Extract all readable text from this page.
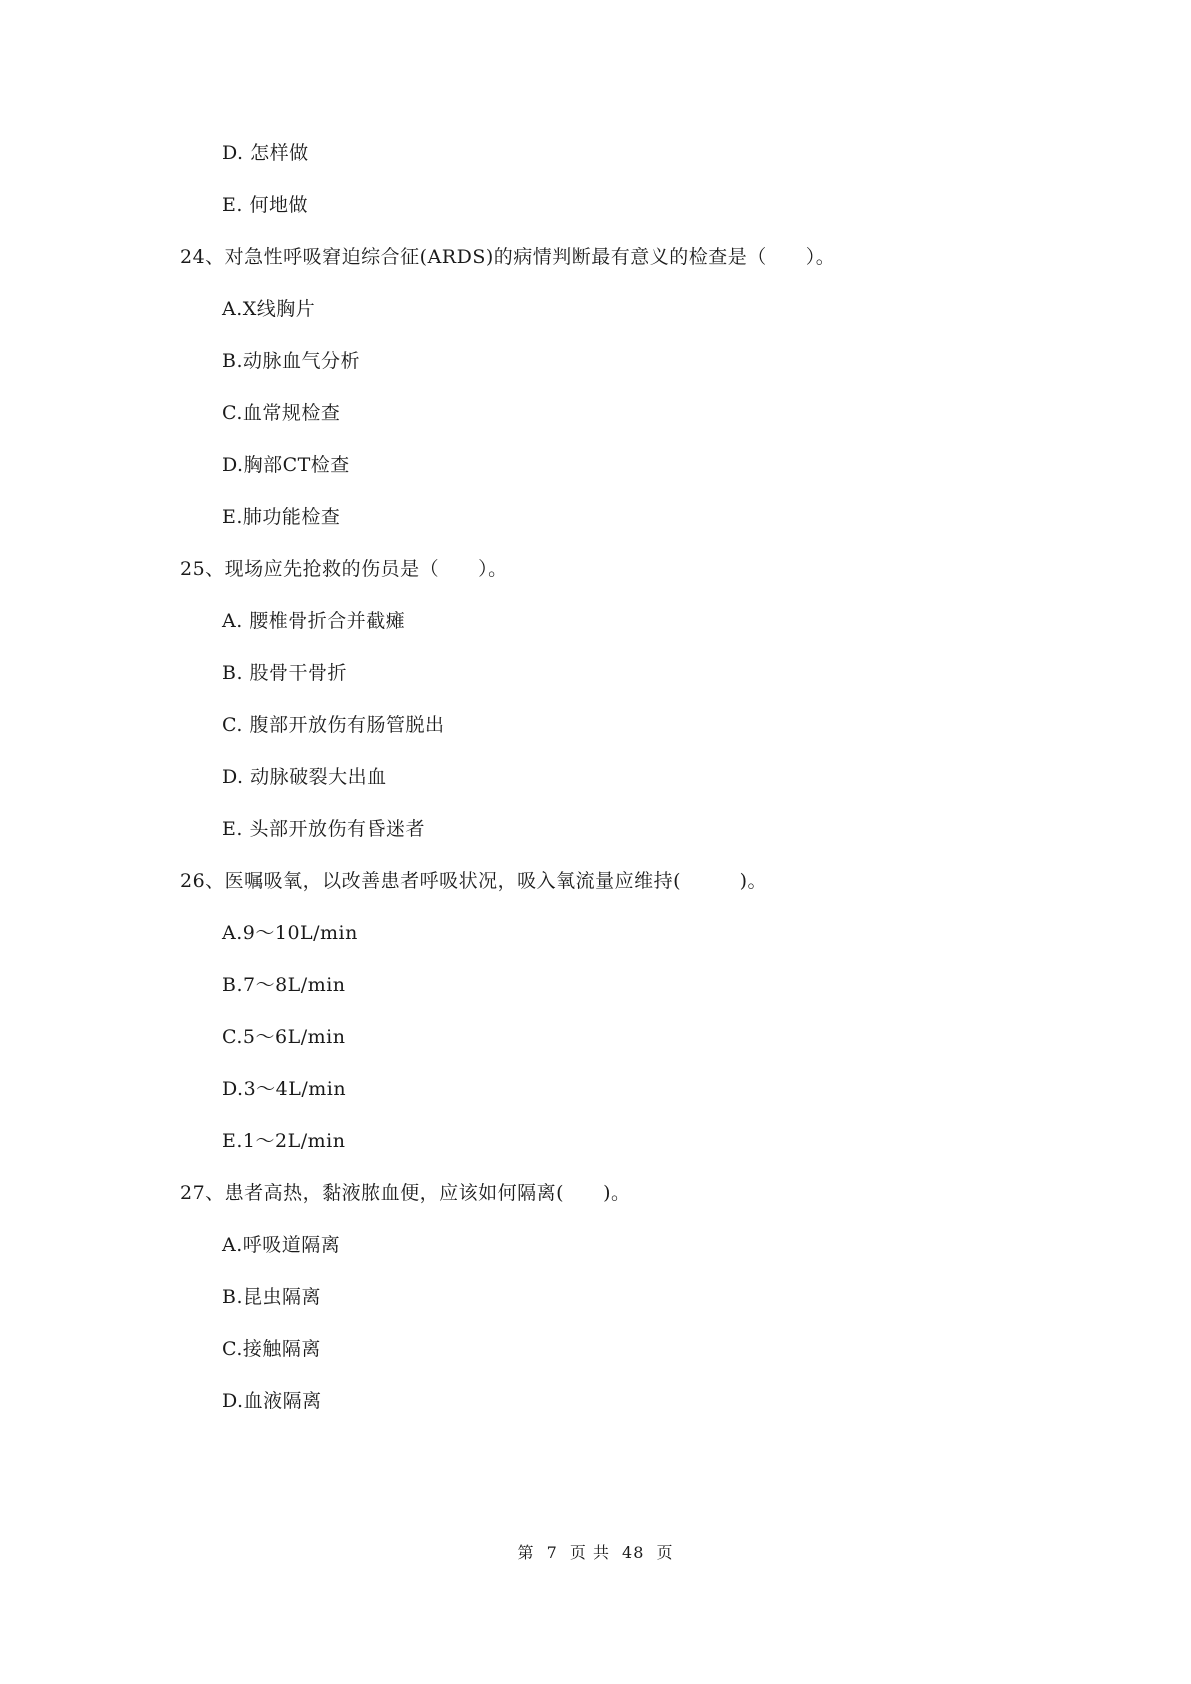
D. 怎样做
E. 何地做
24、对急性呼吸窘迫综合征(ARDS)的病情判断最有意义的检查是（　　）。
A.X线胸片
B.动脉血气分析
C.血常规检查
D.胸部CT检查
E.肺功能检查
25、现场应先抢救的伤员是（　　）。
A. 腰椎骨折合并截瘫
B. 股骨干骨折
C. 腹部开放伤有肠管脱出
D. 动脉破裂大出血
E. 头部开放伤有昏迷者
26、医嘱吸氧，以改善患者呼吸状况，吸入氧流量应维持(　　　)。
A.9～10L/min
B.7～8L/min
C.5～6L/min
D.3～4L/min
E.1～2L/min
27、患者高热，黏液脓血便，应该如何隔离(　　)。
A.呼吸道隔离
B.昆虫隔离
C.接触隔离
D.血液隔离
第 7 页 共 48 页
